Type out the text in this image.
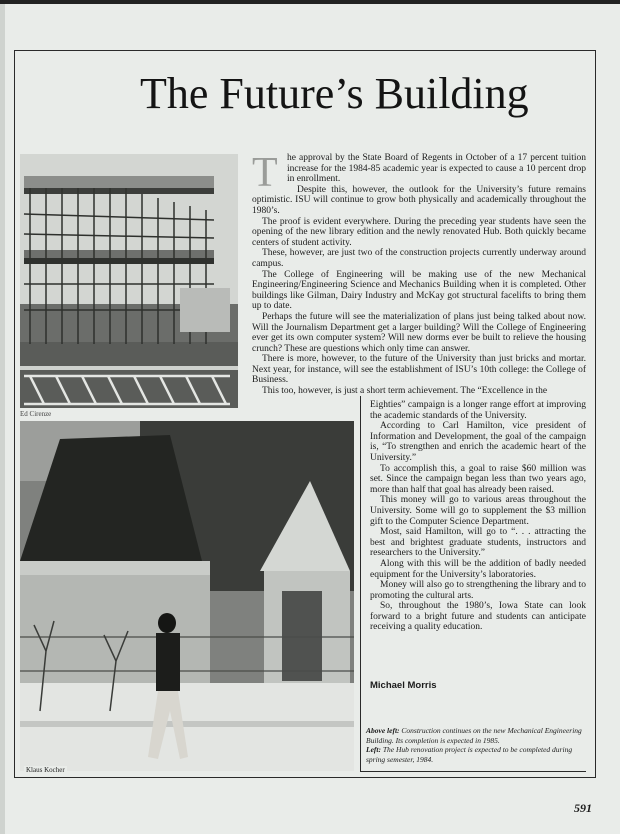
The Future’s Building
Ed Cirenze
Klaus Kocher
T he approval by the State Board of Regents in October of a 17 percent tuition increase for the 1984-85 academic year is expected to cause a 10 percent drop in enrollment.

Despite this, however, the outlook for the University’s future remains optimistic. ISU will continue to grow both physically and academically throughout the 1980’s.

The proof is evident everywhere. During the preceding year students have seen the opening of the new library edition and the newly renovated Hub. Both quickly became centers of student activity.

These, however, are just two of the construction projects currently underway around campus.

The College of Engineering will be making use of the new Mechanical Engineering/Engineering Science and Mechanics Building when it is completed. Other buildings like Gilman, Dairy Industry and McKay got structural facelifts to bring them up to date.

Perhaps the future will see the materialization of plans just being talked about now. Will the Journalism Department get a larger building? Will the College of Engineering ever get its own computer system? Will new dorms ever be built to relieve the housing crunch? These are questions which only time can answer.

There is more, however, to the future of the University than just bricks and mortar. Next year, for instance, will see the establishment of ISU’s 10th college: the College of Business.

This too, however, is just a short term achievement. The “Excellence in the

Eighties” campaign is a longer range effort at improving the academic standards of the University.

According to Carl Hamilton, vice president of Information and Development, the goal of the campaign is, “To strengthen and enrich the academic heart of the University.”

To accomplish this, a goal to raise $60 million was set. Since the campaign began less than two years ago, more than half that goal has already been raised.

This money will go to various areas throughout the University. Some will go to supplement the $3 million gift to the Computer Science Department.

Most, said Hamilton, will go to “. . . attracting the best and brightest graduate students, instructors and researchers to the University.”

Along with this will be the addition of badly needed equipment for the University’s laboratories.

Money will also go to strengthening the library and to promoting the cultural arts.

So, throughout the 1980’s, Iowa State can look forward to a bright future and students can anticipate receiving a quality education.

Michael Morris
Above left: Construction continues on the new Mechanical Engineering Building. Its completion is expected in 1985.
Left: The Hub renovation project is expected to be completed during spring semester, 1984.
591
